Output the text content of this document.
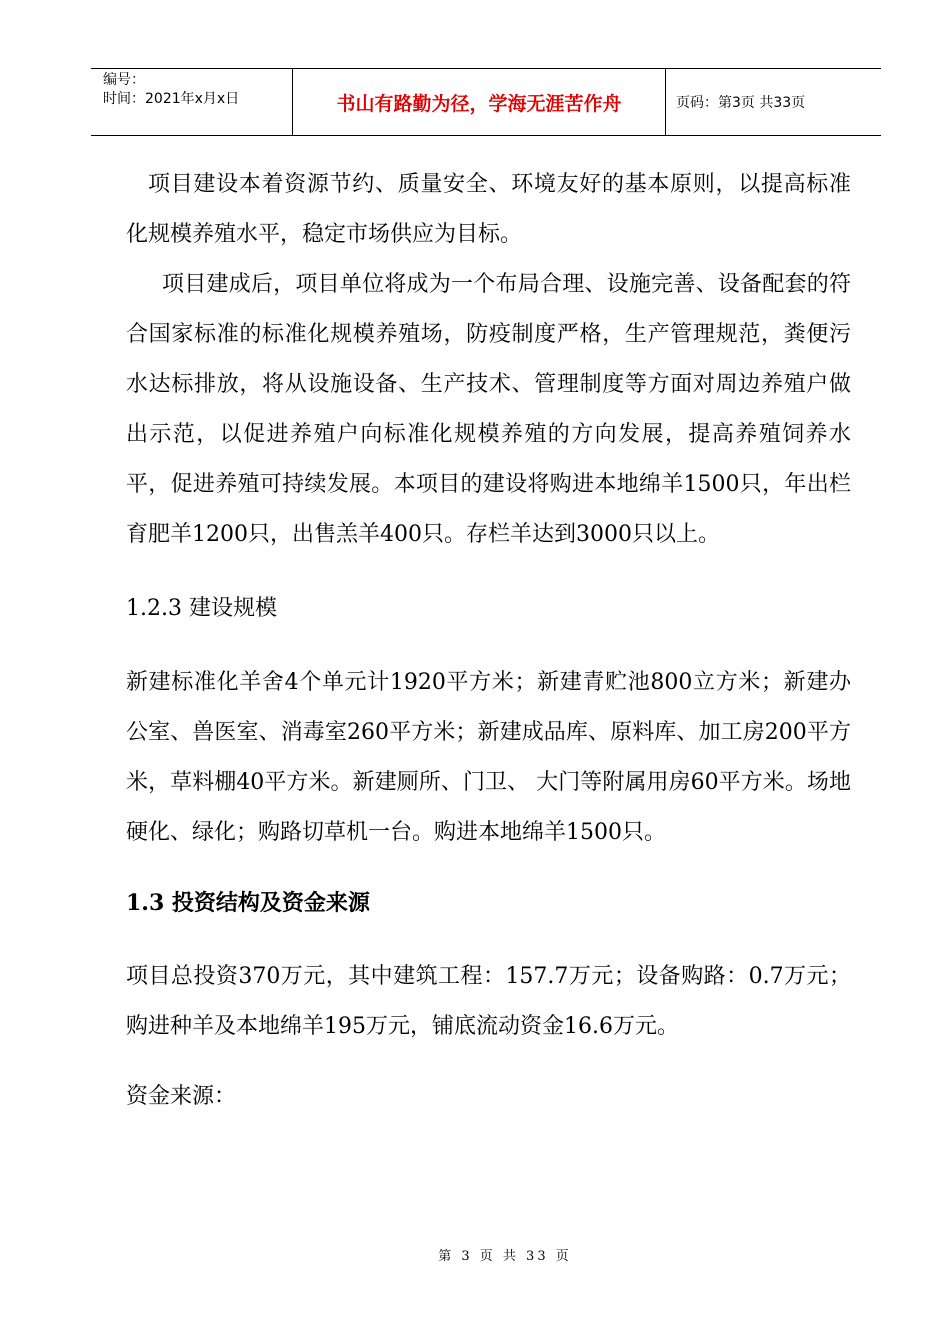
编号：
时间：2021年x月x日	书山有路勤为径，学海无涯苦作舟	页码：第3页 共33页

项目建设本着资源节约、质量安全、环境友好的基本原则，以提高标准化规模养殖水平，稳定市场供应为目标。

项目建成后，项目单位将成为一个布局合理、设施完善、设备配套的符合国家标准的标准化规模养殖场，防疫制度严格，生产管理规范，粪便污水达标排放，将从设施设备、生产技术、管理制度等方面对周边养殖户做出示范，以促进养殖户向标准化规模养殖的方向发展，提高养殖饲养水平，促进养殖可持续发展。本项目的建设将购进本地绵羊1500只，年出栏育肥羊1200只，出售羔羊400只。存栏羊达到3000只以上。

1.2.3 建设规模

新建标准化羊舍4个单元计1920平方米；新建青贮池800立方米；新建办公室、兽医室、消毒室260平方米；新建成品库、原料库、加工房200平方米，草料棚40平方米。新建厕所、门卫、 大门等附属用房60平方米。场地硬化、绿化；购路切草机一台。购进本地绵羊1500只。

1.3 投资结构及资金来源

项目总投资370万元，其中建筑工程：157.7万元；设备购路：0.7万元；购进种羊及本地绵羊195万元，铺底流动资金16.6万元。

资金来源：

第 3 页 共 33 页
